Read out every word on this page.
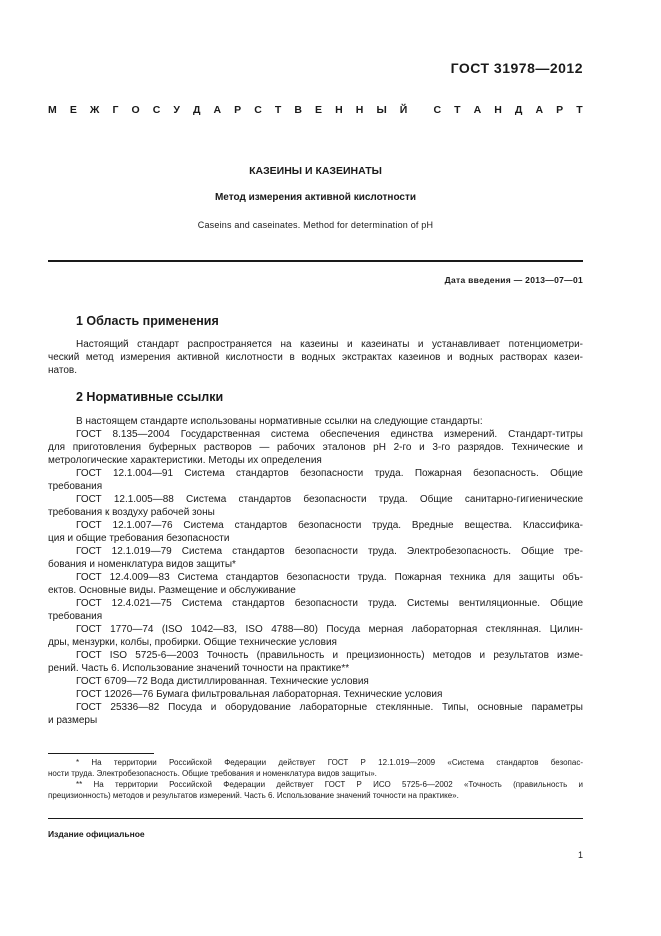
ГОСТ 31978—2012
М Е Ж Г О С У Д А Р С Т В Е Н Н Ы Й С Т А Н Д А Р Т
КАЗЕИНЫ И КАЗЕИНАТЫ
Метод измерения активной кислотности
Caseins and caseinates. Method for determination of pH
Дата введения — 2013—07—01
1 Область применения
Настоящий стандарт распространяется на казеины и казеинаты и устанавливает потенциометри-
ческий метод измерения активной кислотности в водных экстрактах казеинов и водных растворах казеи-
натов.
2 Нормативные ссылки
В настоящем стандарте использованы нормативные ссылки на следующие стандарты:
ГОСТ 8.135—2004 Государственная система обеспечения единства измерений. Стандарт-титры
для приготовления буферных растворов — рабочих эталонов pH 2-го и 3-го разрядов. Технические и
метрологические характеристики. Методы их определения
ГОСТ 12.1.004—91 Система стандартов безопасности труда. Пожарная безопасность. Общие
требования
ГОСТ 12.1.005—88 Система стандартов безопасности труда. Общие санитарно-гигиенические
требования к воздуху рабочей зоны
ГОСТ 12.1.007—76 Система стандартов безопасности труда. Вредные вещества. Классифика-
ция и общие требования безопасности
ГОСТ 12.1.019—79 Система стандартов безопасности труда. Электробезопасность. Общие тре-
бования и номенклатура видов защиты*
ГОСТ 12.4.009—83 Система стандартов безопасности труда. Пожарная техника для защиты объ-
ектов. Основные виды. Размещение и обслуживание
ГОСТ 12.4.021—75 Система стандартов безопасности труда. Системы вентиляционные. Общие
требования
ГОСТ 1770—74 (ISO 1042—83, ISO 4788—80) Посуда мерная лабораторная стеклянная. Цилин-
дры, мензурки, колбы, пробирки. Общие технические условия
ГОСТ ISO 5725-6—2003 Точность (правильность и прецизионность) методов и результатов изме-
рений. Часть 6. Использование значений точности на практике**
ГОСТ 6709—72 Вода дистиллированная. Технические условия
ГОСТ 12026—76 Бумага фильтровальная лабораторная. Технические условия
ГОСТ 25336—82 Посуда и оборудование лабораторные стеклянные. Типы, основные параметры
и размеры
* На территории Российской Федерации действует ГОСТ Р 12.1.019—2009 «Система стандартов безопас-
ности труда. Электробезопасность. Общие требования и номенклатура видов защиты».
** На территории Российской Федерации действует ГОСТ Р ИСО 5725-6—2002 «Точность (правильность и
прецизионность) методов и результатов измерений. Часть 6. Использование значений точности на практике».
Издание официальное
1
